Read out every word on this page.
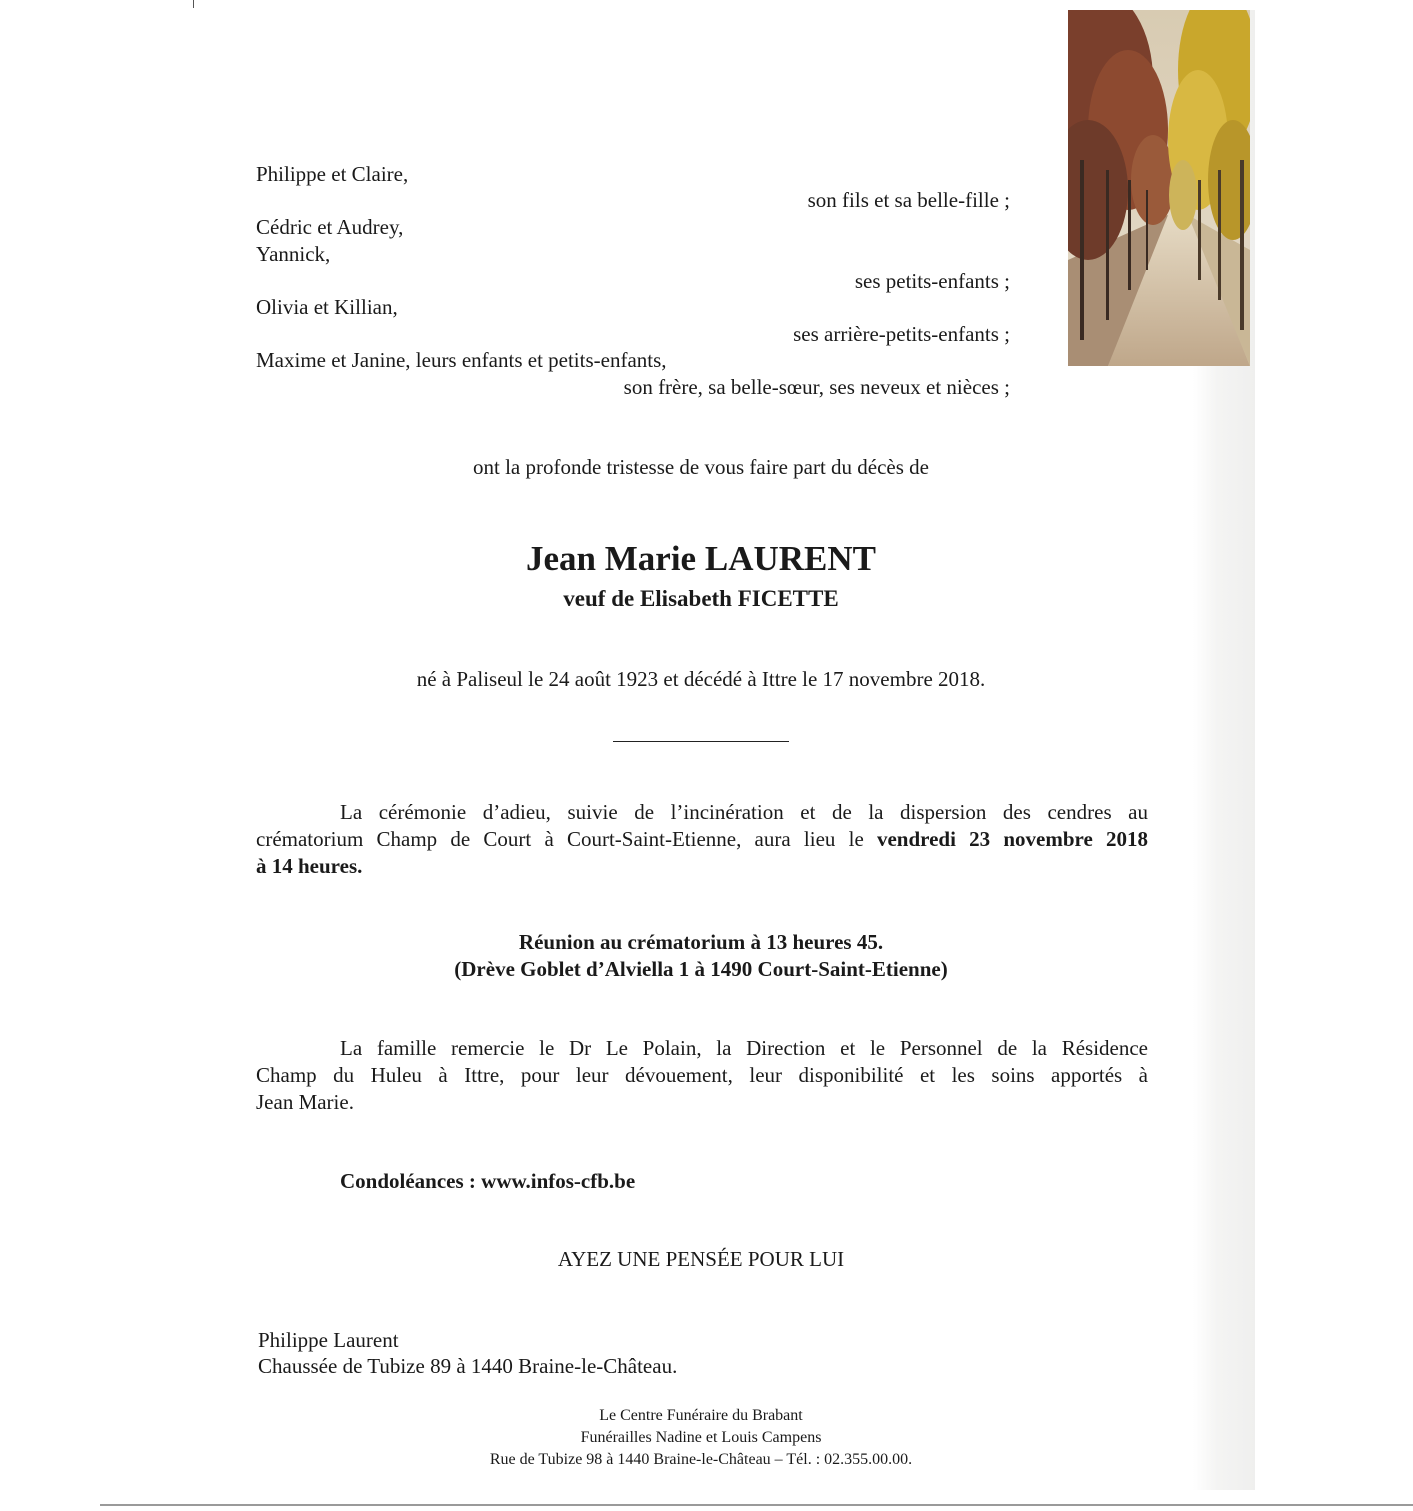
Philippe et Claire,

son fils et sa belle-fille ;

Cédric et Audrey,

Yannick,

ses petits-enfants ;

Olivia et Killian,

ses arrière-petits-enfants ;

Maxime et Janine, leurs enfants et petits-enfants,

son frère, sa belle-sœur, ses neveux et nièces ;

ont la profonde tristesse de vous faire part du décès de

Jean Marie LAURENT

veuf de Elisabeth FICETTE

né à Paliseul le 24 août 1923 et décédé à Ittre le 17 novembre 2018.

La cérémonie d’adieu, suivie de l’incinération et de la dispersion des cendres au
crématorium Champ de Court à Court-Saint-Etienne, aura lieu le vendredi 23 novembre 2018
à 14 heures.

Réunion au crématorium à 13 heures 45.

(Drève Goblet d’Alviella 1 à 1490 Court-Saint-Etienne)

La famille remercie le Dr Le Polain, la Direction et le Personnel de la Résidence
Champ du Huleu à Ittre, pour leur dévouement, leur disponibilité et les soins apportés à
Jean Marie.

Condoléances : www.infos-cfb.be

AYEZ UNE PENSÉE POUR LUI

Philippe Laurent

Chaussée de Tubize 89 à 1440 Braine-le-Château.

Le Centre Funéraire du Brabant

Funérailles Nadine et Louis Campens

Rue de Tubize 98 à 1440 Braine-le-Château – Tél. : 02.355.00.00.
